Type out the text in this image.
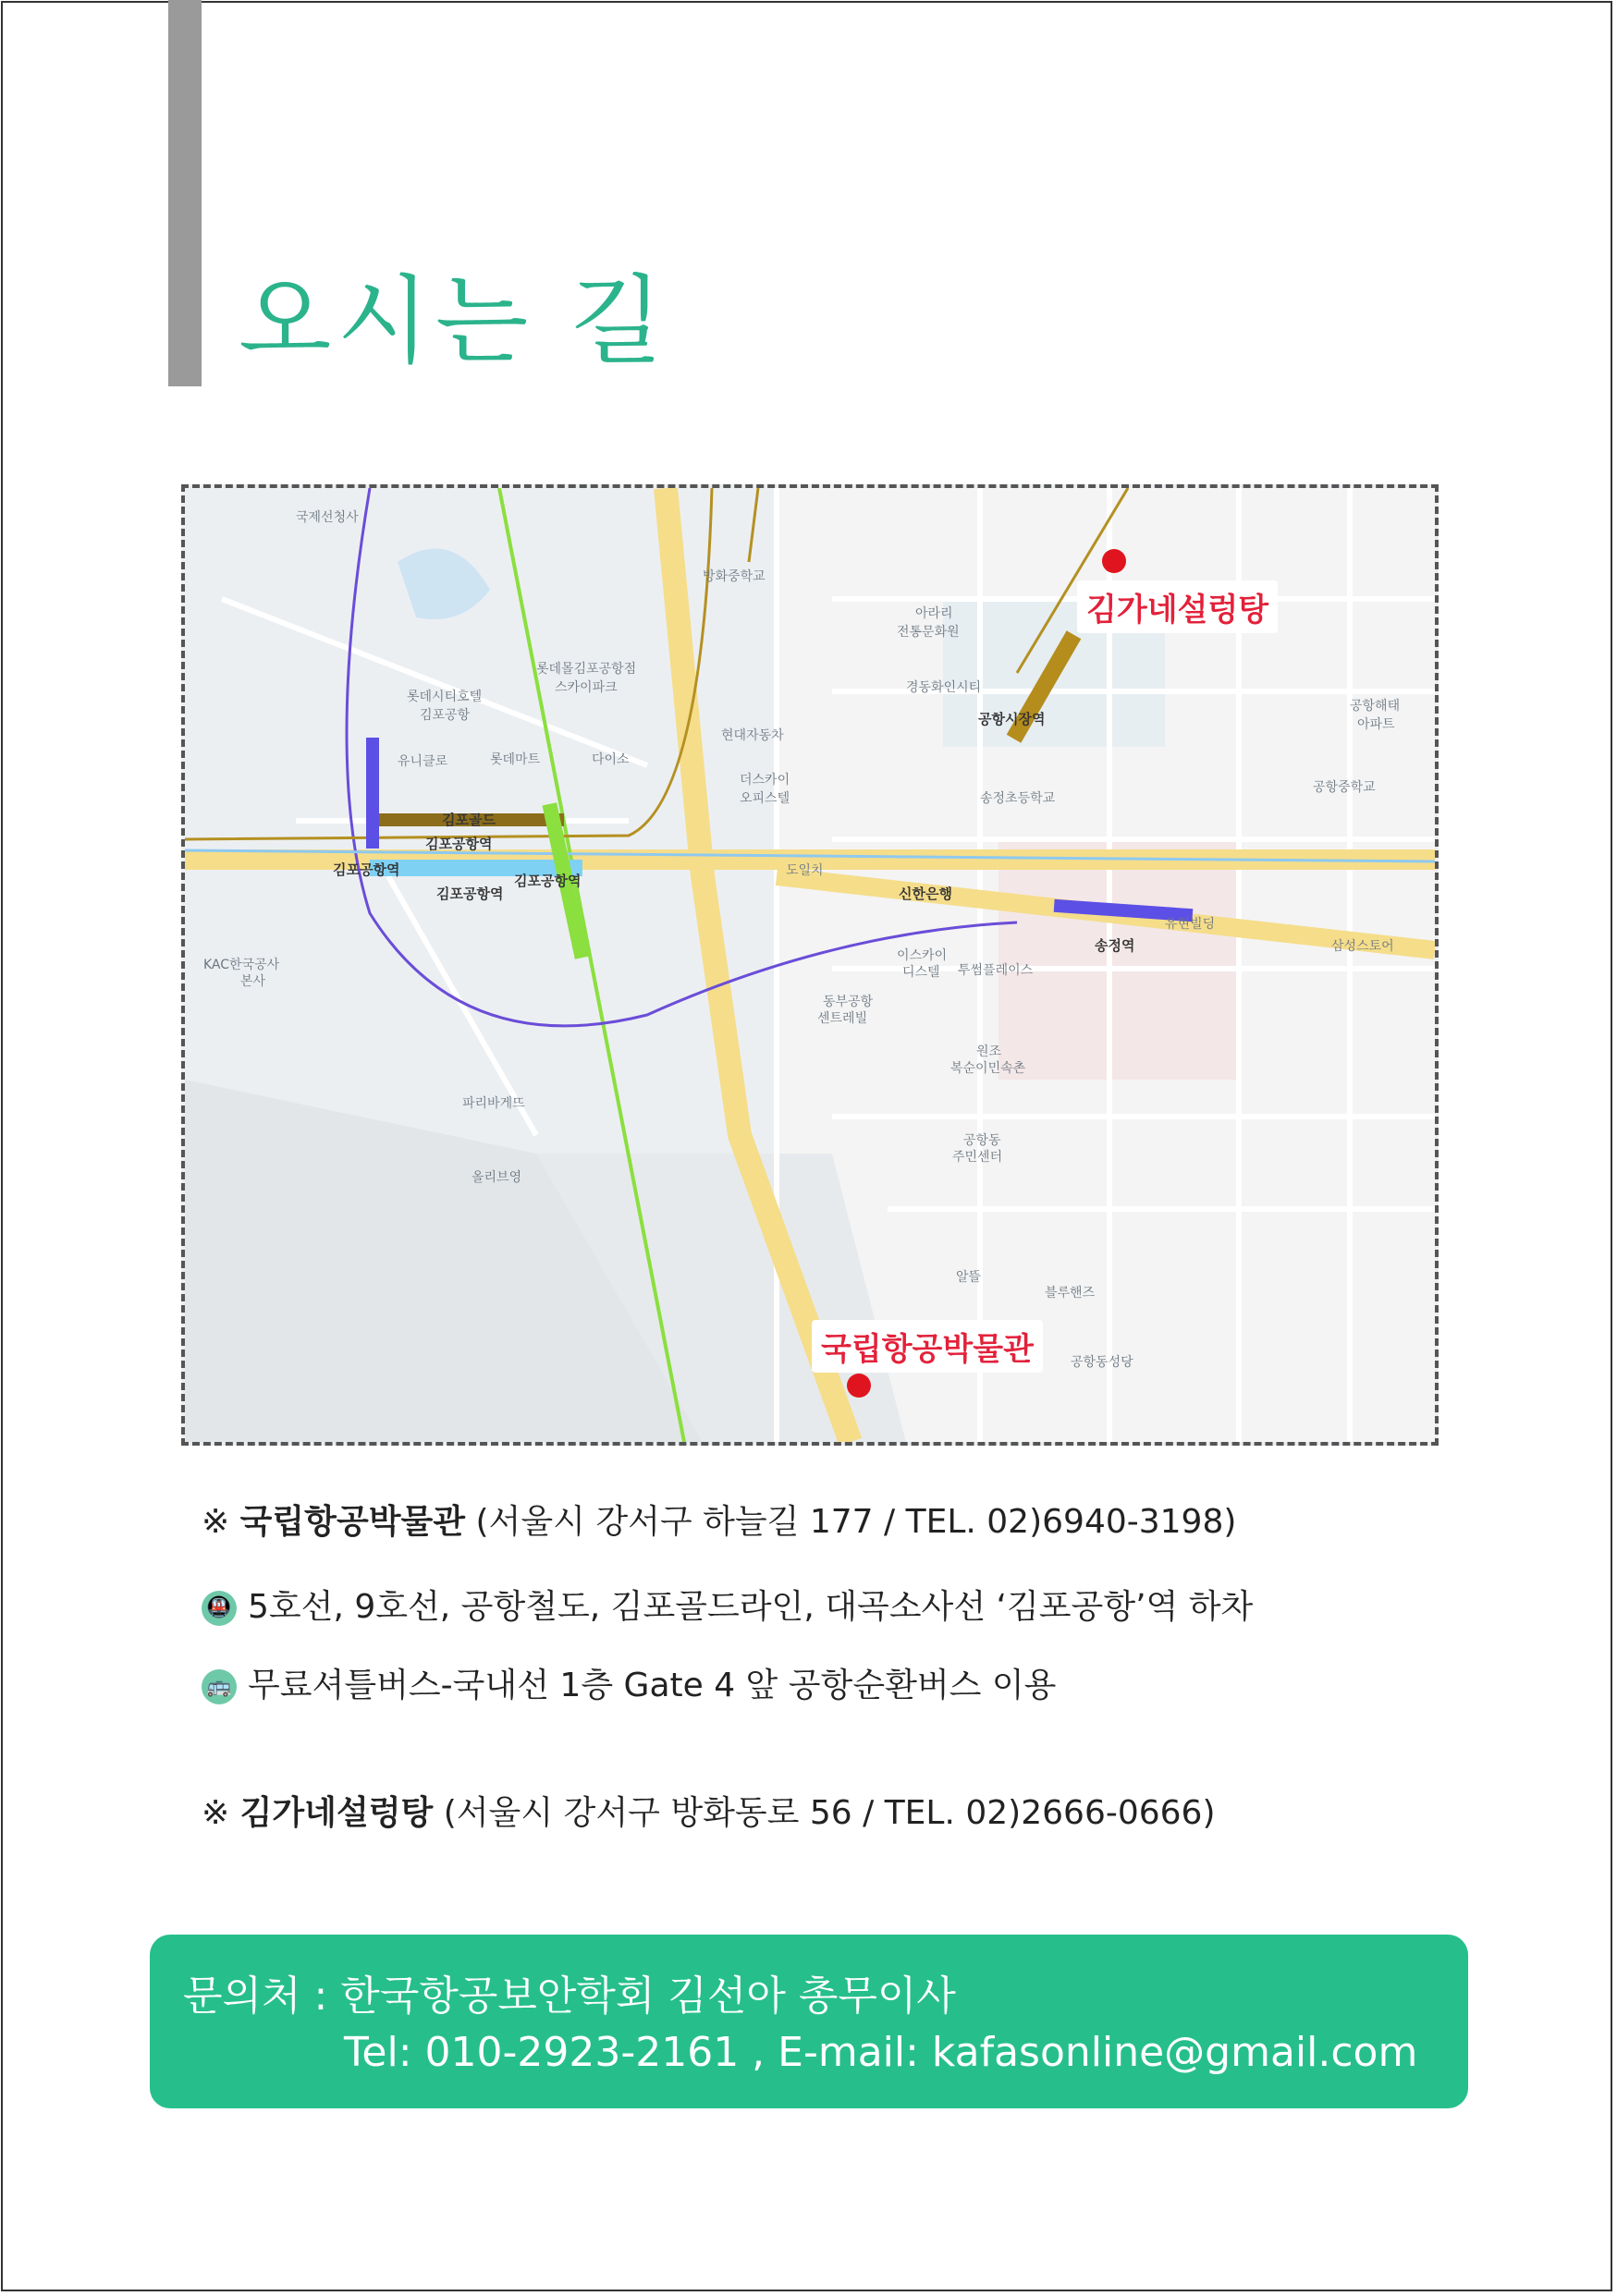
오시는 길
국제선청사
방화중학교
롯데시티호텔
김포공항
유니클로	롯데마트	다이소
롯데몰김포공항점
스카이파크
현대자동차
더스카이
오피스텔
아라리
전통문화원
경동화인시티
공항시장역
공항해태
아파트
송정초등학교
공항중학교
김포골드
김포공항역
김포공항역
김포공항역
김포공항역
KAC한국공사
본사
파리바게뜨
올리브영
도일치
신한은행
이스카이
디스텔
동부공항
센트레빌
투썸플레이스
원조
복순이민속촌
공항동
주민센터
알뜰
블루핸즈
공항동성당
송정역
유현빌딩
삼성스토어
김가네설렁탕
국립항공박물관
※ 국립항공박물관 (서울시 강서구 하늘길 177 / TEL. 02)6940-3198)
🚇 5호선, 9호선, 공항철도, 김포골드라인, 대곡소사선 ‘김포공항’역 하차
🚌 무료셔틀버스-국내선 1층 Gate 4 앞 공항순환버스 이용
※ 김가네설렁탕 (서울시 강서구 방화동로 56 / TEL. 02)2666-0666)
문의처 : 한국항공보안학회 김선아 총무이사
Tel: 010-2923-2161 , E-mail: kafasonline@gmail.com
